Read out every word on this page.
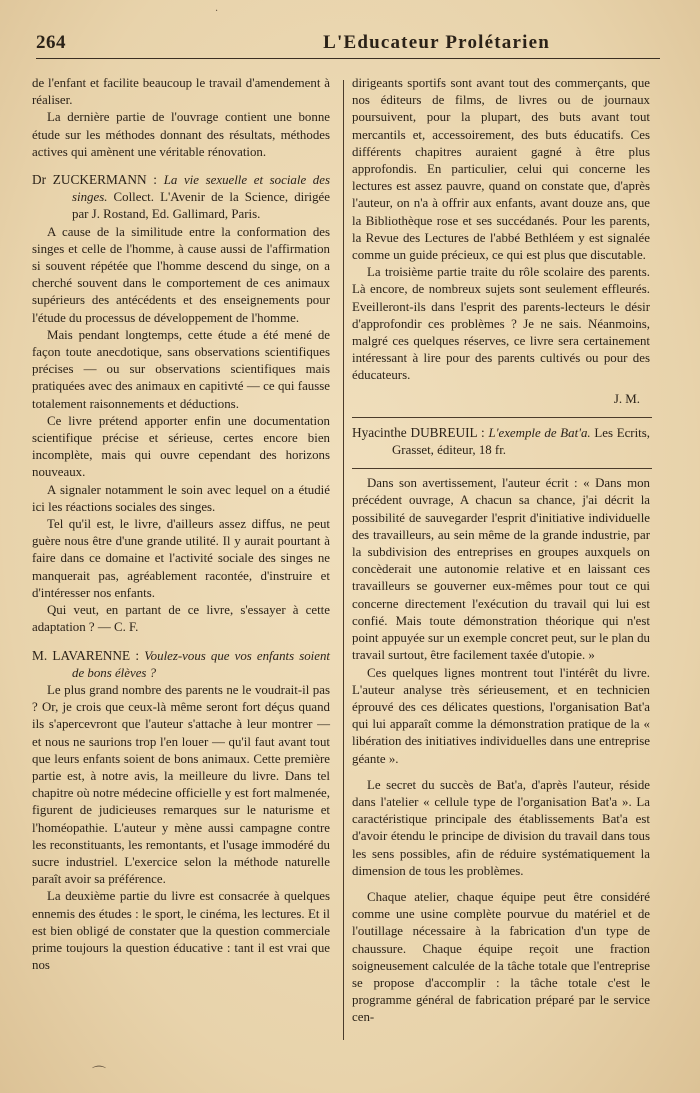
264	L'Educateur Prolétarien

de l'enfant et facilite beaucoup le travail d'amendement à réaliser.

La dernière partie de l'ouvrage contient une bonne étude sur les méthodes donnant des résultats, méthodes actives qui amènent une véritable rénovation.

Dr ZUCKERMANN : La vie sexuelle et sociale des singes. Collect. L'Avenir de la Science, dirigée par J. Rostand, Ed. Gallimard, Paris.

A cause de la similitude entre la conformation des singes et celle de l'homme, à cause aussi de l'affirmation si souvent répétée que l'homme descend du singe, on a cherché souvent dans le comportement de ces animaux supérieurs des antécédents et des enseignements pour l'étude du processus de développement de l'homme.

Mais pendant longtemps, cette étude a été mené de façon toute anecdotique, sans observations scientifiques précises — ou sur observations scientifiques mais pratiquées avec des animaux en capitivté — ce qui fausse totalement raisonnements et déductions.

Ce livre prétend apporter enfin une documentation scientifique précise et sérieuse, certes encore bien incomplète, mais qui ouvre cependant des horizons nouveaux.

A signaler notamment le soin avec lequel on a étudié ici les réactions sociales des singes.

Tel qu'il est, le livre, d'ailleurs assez diffus, ne peut guère nous être d'une grande utilité. Il y aurait pourtant à faire dans ce domaine et l'activité sociale des singes ne manquerait pas, agréablement racontée, d'instruire et d'intéresser nos enfants.

Qui veut, en partant de ce livre, s'essayer à cette adaptation ? — C. F.

M. LAVARENNE : Voulez-vous que vos enfants soient de bons élèves ?

Le plus grand nombre des parents ne le voudrait-il pas ? Or, je crois que ceux-là même seront fort déçus quand ils s'apercevront que l'auteur s'attache à leur montrer — et nous ne saurions trop l'en louer — qu'il faut avant tout que leurs enfants soient de bons animaux. Cette première partie est, à notre avis, la meilleure du livre. Dans tel chapitre où notre médecine officielle y est fort malmenée, figurent de judicieuses remarques sur le naturisme et l'homéopathie. L'auteur y mène aussi campagne contre les reconstituants, les remontants, et l'usage immodéré du sucre industriel. L'exercice selon la méthode naturelle paraît avoir sa préférence.

La deuxième partie du livre est consacrée à quelques ennemis des études : le sport, le cinéma, les lectures. Et il est bien obligé de constater que la question commerciale prime toujours la question éducative : tant il est vrai que nos

dirigeants sportifs sont avant tout des commerçants, que nos éditeurs de films, de livres ou de journaux poursuivent, pour la plupart, des buts avant tout mercantils et, accessoirement, des buts éducatifs. Ces différents chapitres auraient gagné à être plus approfondis. En particulier, celui qui concerne les lectures est assez pauvre, quand on constate que, d'après l'auteur, on n'a à offrir aux enfants, avant douze ans, que la Bibliothèque rose et ses succédanés. Pour les parents, la Revue des Lectures de l'abbé Bethléem y est signalée comme un guide précieux, ce qui est plus que discutable.

La troisième partie traite du rôle scolaire des parents. Là encore, de nombreux sujets sont seulement effleurés. Eveilleront-ils dans l'esprit des parents-lecteurs le désir d'approfondir ces problèmes ? Je ne sais. Néanmoins, malgré ces quelques réserves, ce livre sera certainement intéressant à lire pour des parents cultivés ou pour des éducateurs.

J. M.

Hyacinthe DUBREUIL : L'exemple de Bat'a. Les Ecrits, Grasset, éditeur, 18 fr.

Dans son avertissement, l'auteur écrit : « Dans mon précédent ouvrage, A chacun sa chance, j'ai décrit la possibilité de sauvegarder l'esprit d'initiative individuelle des travailleurs, au sein même de la grande industrie, par la subdivision des entreprises en groupes auxquels on concèderait une autonomie relative et en laissant ces travailleurs se gouverner eux-mêmes pour tout ce qui concerne directement l'exécution du travail qui lui est confié. Mais toute démonstration théorique qui n'est point appuyée sur un exemple concret peut, sur le plan du travail surtout, être facilement taxée d'utopie. »

Ces quelques lignes montrent tout l'intérêt du livre. L'auteur analyse très sérieusement, et en technicien éprouvé des ces délicates questions, l'organisation Bat'a qui lui apparaît comme la démonstration pratique de la « libération des initiatives individuelles dans une entreprise géante ».

Le secret du succès de Bat'a, d'après l'auteur, réside dans l'atelier « cellule type de l'organisation Bat'a ». La caractéristique principale des établissements Bat'a est d'avoir étendu le principe de division du travail dans tous les sens possibles, afin de réduire systématiquement la dimension de tous les problèmes.

Chaque atelier, chaque équipe peut être considéré comme une usine complète pourvue du matériel et de l'outillage nécessaire à la fabrication d'un type de chaussure. Chaque équipe reçoit une fraction soigneusement calculée de la tâche totale que l'entreprise se propose d'accomplir : la tâche totale c'est le programme général de fabrication préparé par le service cen-

·
⌒
